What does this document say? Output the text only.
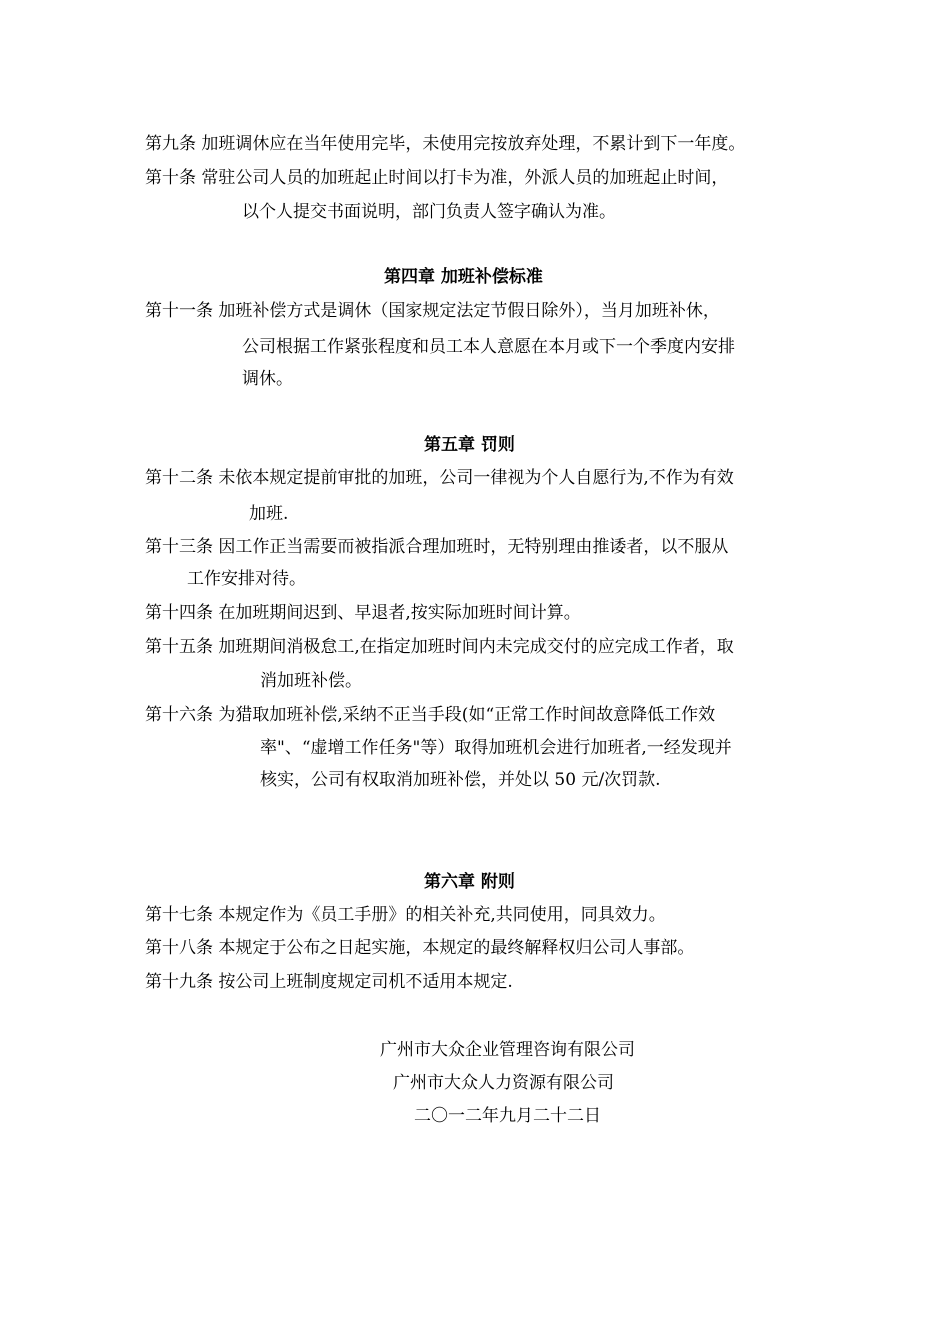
第九条 加班调休应在当年使用完毕，未使用完按放弃处理，不累计到下一年度。
第十条 常驻公司人员的加班起止时间以打卡为准，外派人员的加班起止时间，
以个人提交书面说明，部门负责人签字确认为准。
第四章 加班补偿标准
第十一条 加班补偿方式是调休（国家规定法定节假日除外），当月加班补休，
公司根据工作紧张程度和员工本人意愿在本月或下一个季度内安排
调休。
第五章 罚则
第十二条 未依本规定提前审批的加班，公司一律视为个人自愿行为,不作为有效
加班.
第十三条 因工作正当需要而被指派合理加班时，无特别理由推诿者，以不服从
工作安排对待。
第十四条 在加班期间迟到、早退者,按实际加班时间计算。
第十五条 加班期间消极怠工,在指定加班时间内未完成交付的应完成工作者，取
消加班补偿。
第十六条 为猎取加班补偿,采纳不正当手段(如“正常工作时间故意降低工作效
率"、“虚增工作任务"等）取得加班机会进行加班者,一经发现并
核实，公司有权取消加班补偿，并处以 50 元/次罚款.
第六章 附则
第十七条 本规定作为《员工手册》的相关补充,共同使用，同具效力。
第十八条 本规定于公布之日起实施，本规定的最终解释权归公司人事部。
第十九条 按公司上班制度规定司机不适用本规定.
广州市大众企业管理咨询有限公司
广州市大众人力资源有限公司
二〇一二年九月二十二日
